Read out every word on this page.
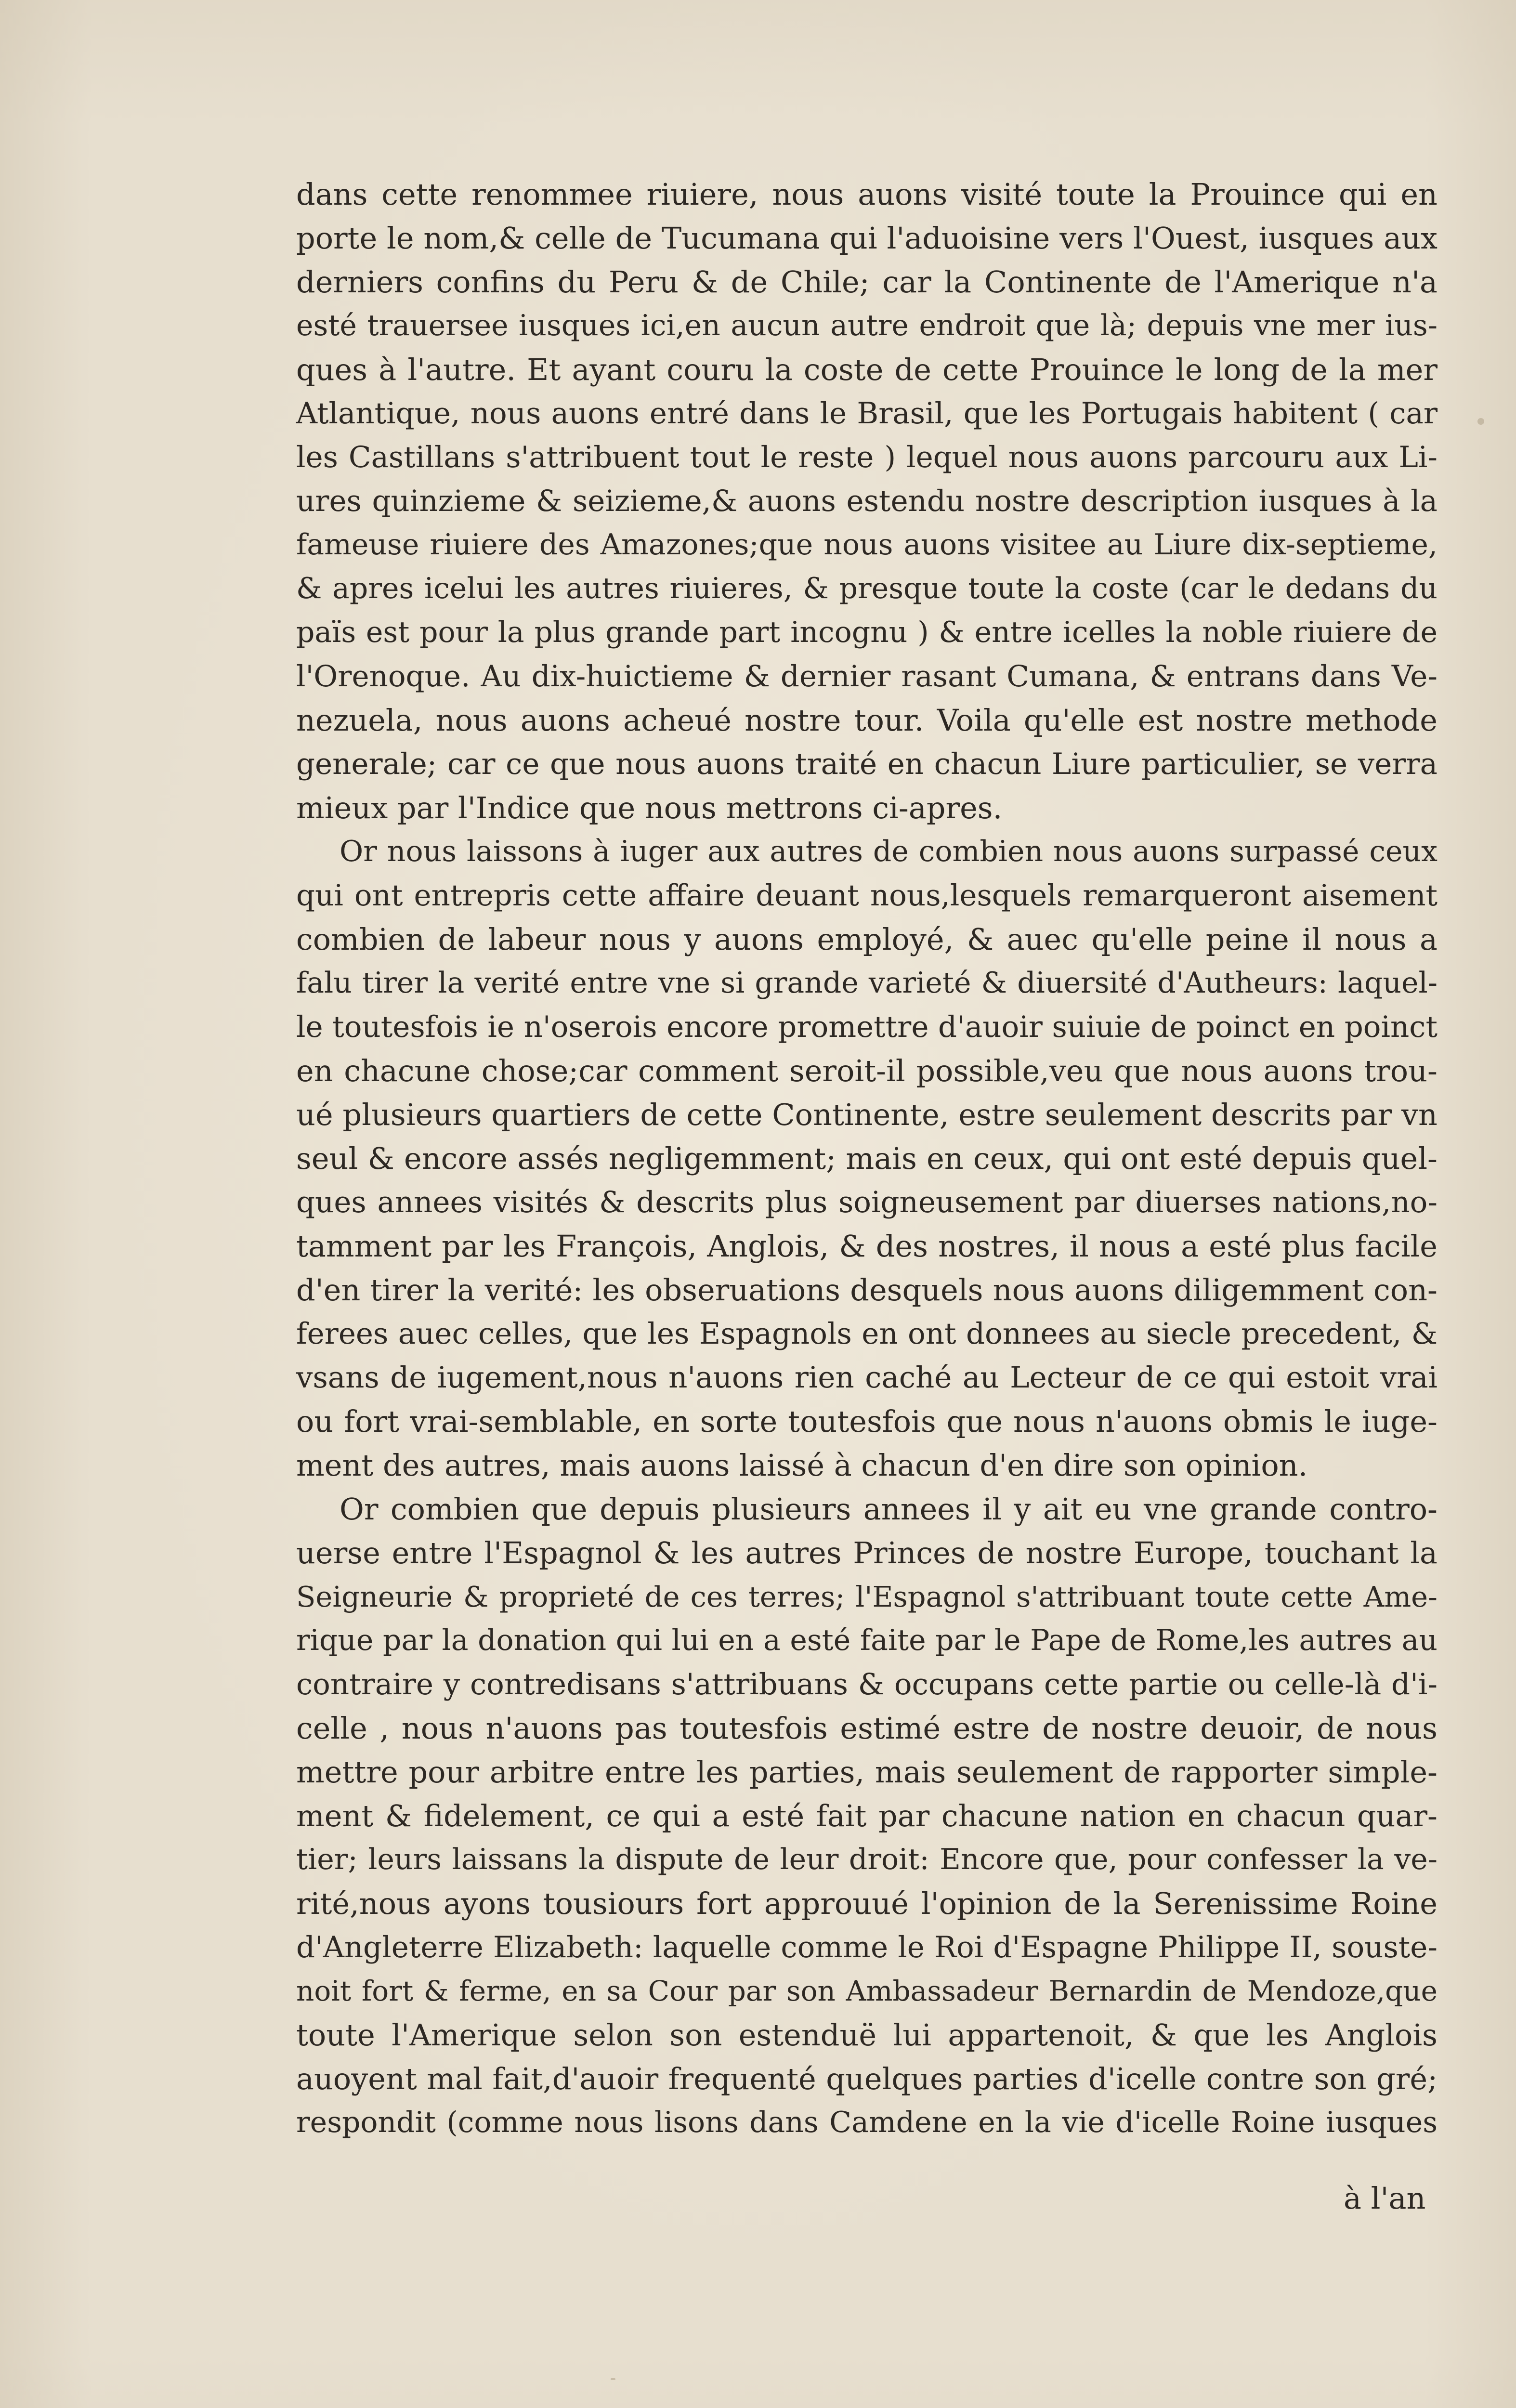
dans cette renommee riuiere, nous auons visité toute la Prouince qui en
porte le nom,& celle de Tucumana qui l'aduoisine vers l'Ouest, iusques aux
derniers confins du Peru & de Chile; car la Continente de l'Amerique n'a
esté trauersee iusques ici,en aucun autre endroit que là; depuis vne mer ius-
ques à l'autre. Et ayant couru la coste de cette Prouince le long de la mer
Atlantique, nous auons entré dans le Brasil, que les Portugais habitent ( car
les Castillans s'attribuent tout le reste ) lequel nous auons parcouru aux Li-
ures quinzieme & seizieme,& auons estendu nostre description iusques à la
fameuse riuiere des Amazones;que nous auons visitee au Liure dix-septieme,
& apres icelui les autres riuieres, & presque toute la coste (car le dedans du
païs est pour la plus grande part incognu ) & entre icelles la noble riuiere de
l'Orenoque. Au dix-huictieme & dernier rasant Cumana, & entrans dans Ve-
nezuela, nous auons acheué nostre tour. Voila qu'elle est nostre methode
generale; car ce que nous auons traité en chacun Liure particulier, se verra
mieux par l'Indice que nous mettrons ci-apres.
Or nous laissons à iuger aux autres de combien nous auons surpassé ceux
qui ont entrepris cette affaire deuant nous,lesquels remarqueront aisement
combien de labeur nous y auons employé, & auec qu'elle peine il nous a
falu tirer la verité entre vne si grande varieté & diuersité d'Autheurs: laquel-
le toutesfois ie n'oserois encore promettre d'auoir suiuie de poinct en poinct
en chacune chose;car comment seroit-il possible,veu que nous auons trou-
ué plusieurs quartiers de cette Continente, estre seulement descrits par vn
seul & encore assés negligemment; mais en ceux, qui ont esté depuis quel-
ques annees visités & descrits plus soigneusement par diuerses nations,no-
tamment par les François, Anglois, & des nostres, il nous a esté plus facile
d'en tirer la verité: les obseruations desquels nous auons diligemment con-
ferees auec celles, que les Espagnols en ont donnees au siecle precedent, &
vsans de iugement,nous n'auons rien caché au Lecteur de ce qui estoit vrai
ou fort vrai-semblable, en sorte toutesfois que nous n'auons obmis le iuge-
ment des autres, mais auons laissé à chacun d'en dire son opinion.
Or combien que depuis plusieurs annees il y ait eu vne grande contro-
uerse entre l'Espagnol & les autres Princes de nostre Europe, touchant la
Seigneurie & proprieté de ces terres; l'Espagnol s'attribuant toute cette Ame-
rique par la donation qui lui en a esté faite par le Pape de Rome,les autres au
contraire y contredisans s'attribuans & occupans cette partie ou celle-là d'i-
celle , nous n'auons pas toutesfois estimé estre de nostre deuoir, de nous
mettre pour arbitre entre les parties, mais seulement de rapporter simple-
ment & fidelement, ce qui a esté fait par chacune nation en chacun quar-
tier; leurs laissans la dispute de leur droit: Encore que, pour confesser la ve-
rité,nous ayons tousiours fort approuué l'opinion de la Serenissime Roine
d'Angleterre Elizabeth: laquelle comme le Roi d'Espagne Philippe II, souste-
noit fort & ferme, en sa Cour par son Ambassadeur Bernardin de Mendoze,que
toute l'Amerique selon son estenduë lui appartenoit, & que les Anglois
auoyent mal fait,d'auoir frequenté quelques parties d'icelle contre son gré;
respondit (comme nous lisons dans Camdene en la vie d'icelle Roine iusques
à l'an
